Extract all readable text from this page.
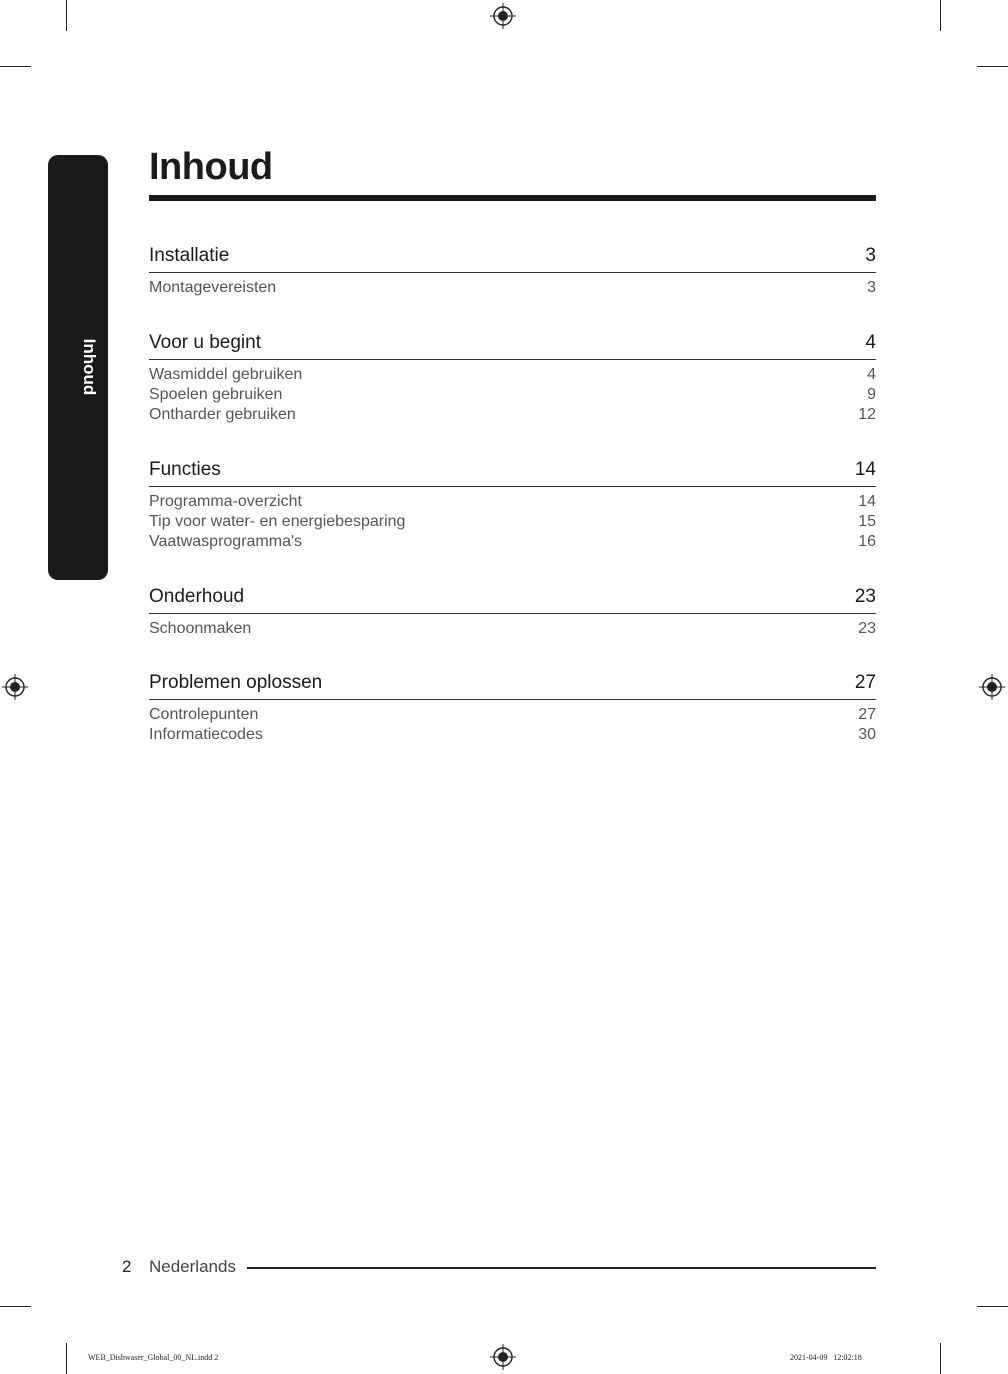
Inhoud
Inhoud
Installatie	3
Montagevereisten	3
Voor u begint	4
Wasmiddel gebruiken	4
Spoelen gebruiken	9
Ontharder gebruiken	12
Functies	14
Programma-overzicht	14
Tip voor water- en energiebesparing	15
Vaatwasprogramma's	16
Onderhoud	23
Schoonmaken	23
Problemen oplossen	27
Controlepunten	27
Informatiecodes	30
2 Nederlands
WEB_Dishwaser_Global_00_NL.indd 2	2021-04-09   12:02:18
